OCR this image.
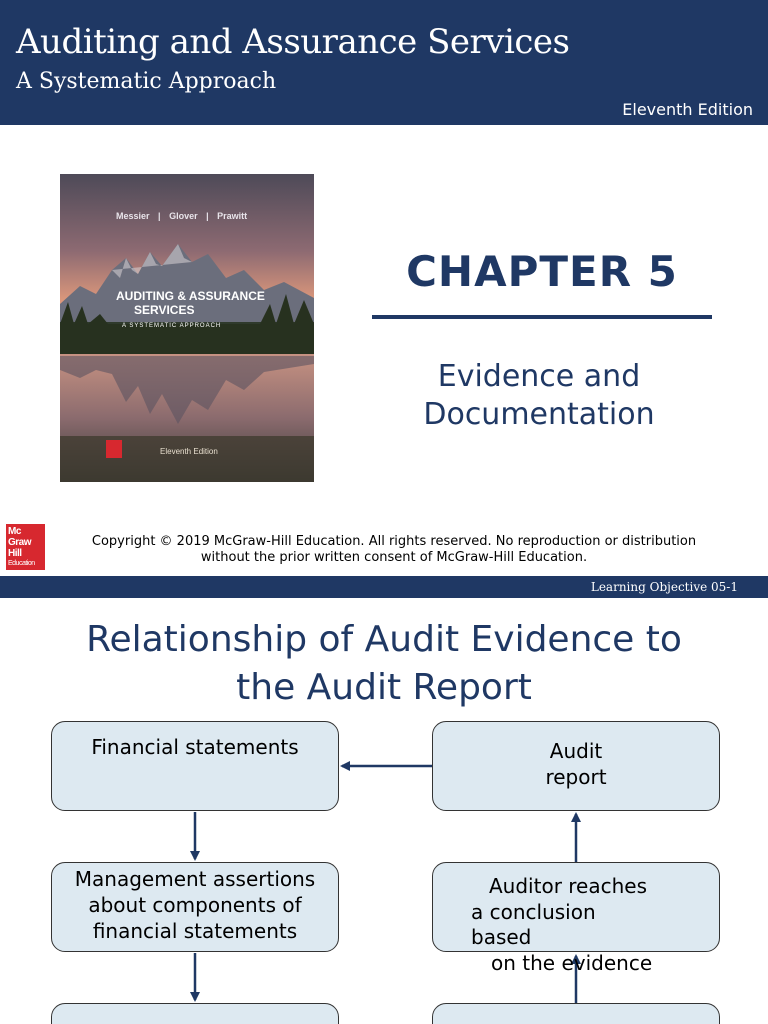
Auditing and Assurance Services
A Systematic Approach
Eleventh Edition
Messier | Glover | Prawitt
AUDITING & ASSURANCE
SERVICES
A SYSTEMATIC APPROACH
Eleventh Edition
CHAPTER 5
Evidence and
Documentation
Mc
Graw
Hill
Education
Copyright © 2019 McGraw-Hill Education. All rights reserved. No reproduction or distribution
without the prior written consent of McGraw-Hill Education.
Learning Objective 05-1
Relationship of Audit Evidence to
the Audit Report
Financial statements	Audit report
Management assertions about components of financial statements
Auditor reaches
a conclusion
based
on the evidence
